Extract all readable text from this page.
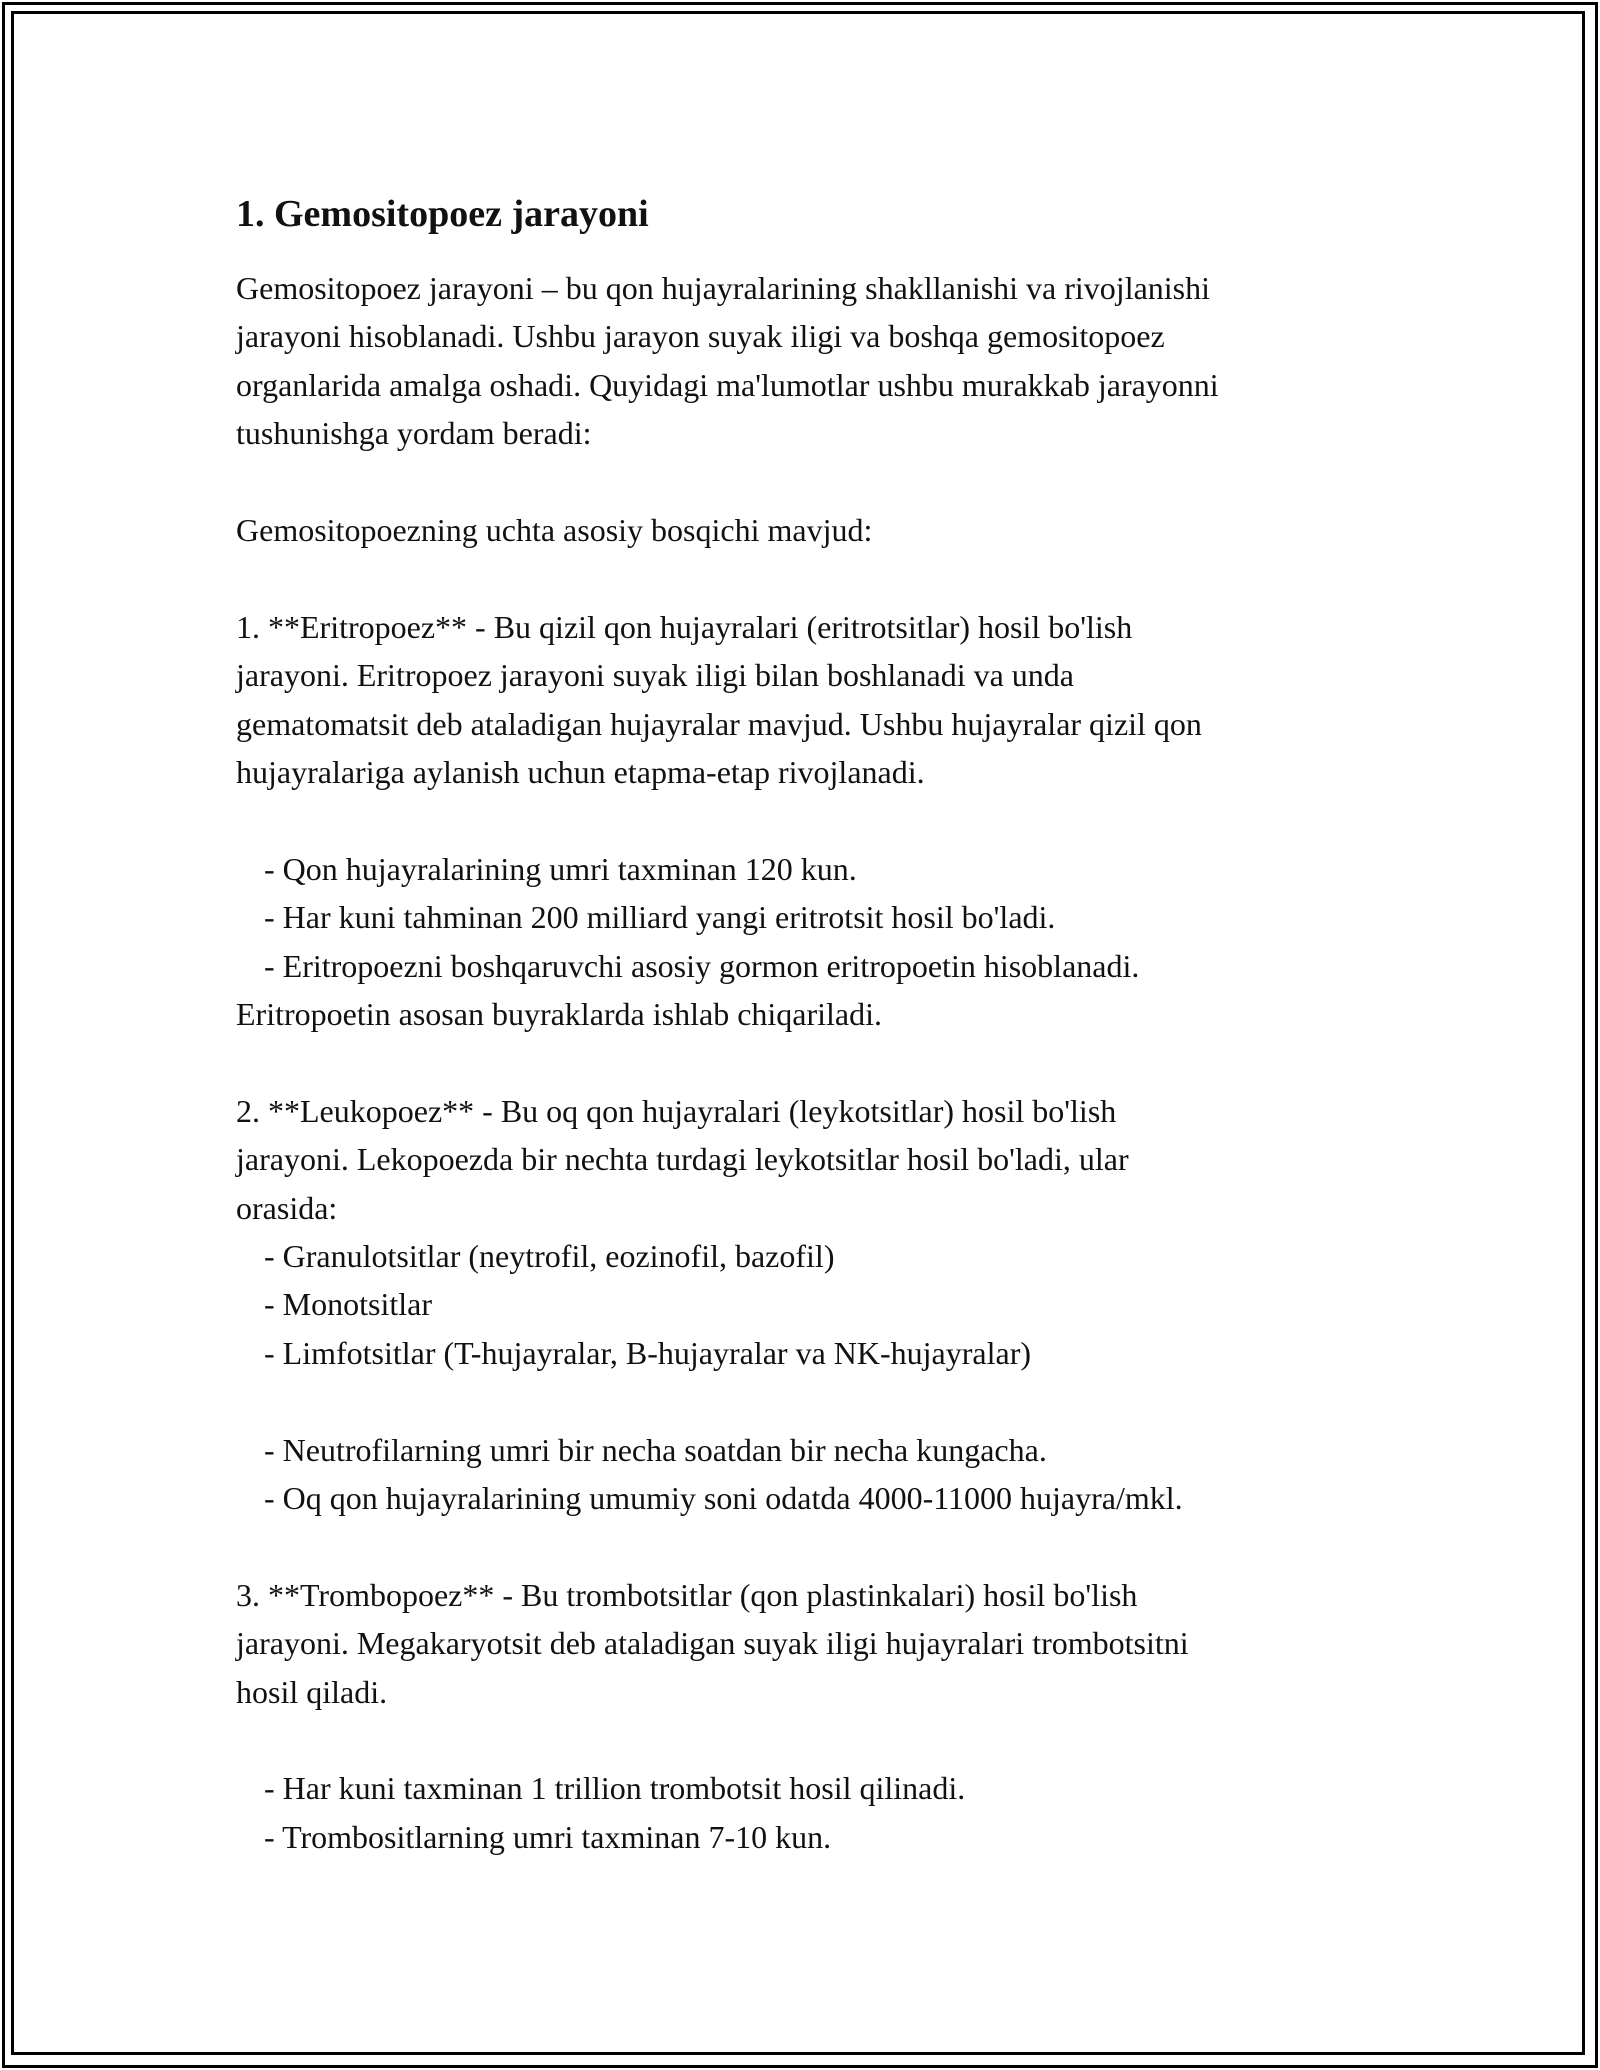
1. Gemositopoez jarayoni

Gemositopoez jarayoni – bu qon hujayralarining shakllanishi va rivojlanishi

jarayoni hisoblanadi. Ushbu jarayon suyak iligi va boshqa gemositopoez

organlarida amalga oshadi. Quyidagi ma'lumotlar ushbu murakkab jarayonni

tushunishga yordam beradi:

Gemositopoezning uchta asosiy bosqichi mavjud:

1. **Eritropoez** - Bu qizil qon hujayralari (eritrotsitlar) hosil bo'lish

jarayoni. Eritropoez jarayoni suyak iligi bilan boshlanadi va unda

gematomatsit deb ataladigan hujayralar mavjud. Ushbu hujayralar qizil qon

hujayralariga aylanish uchun etapma-etap rivojlanadi.

- Qon hujayralarining umri taxminan 120 kun.

- Har kuni tahminan 200 milliard yangi eritrotsit hosil bo'ladi.

- Eritropoezni boshqaruvchi asosiy gormon eritropoetin hisoblanadi.

Eritropoetin asosan buyraklarda ishlab chiqariladi.

2. **Leukopoez** - Bu oq qon hujayralari (leykotsitlar) hosil bo'lish

jarayoni. Lekopoezda bir nechta turdagi leykotsitlar hosil bo'ladi, ular

orasida:

- Granulotsitlar (neytrofil, eozinofil, bazofil)

- Monotsitlar

- Limfotsitlar (T-hujayralar, B-hujayralar va NK-hujayralar)

- Neutrofilarning umri bir necha soatdan bir necha kungacha.

- Oq qon hujayralarining umumiy soni odatda 4000-11000 hujayra/mkl.

3. **Trombopoez** - Bu trombotsitlar (qon plastinkalari) hosil bo'lish

jarayoni. Megakaryotsit deb ataladigan suyak iligi hujayralari trombotsitni

hosil qiladi.

- Har kuni taxminan 1 trillion trombotsit hosil qilinadi.

- Trombositlarning umri taxminan 7-10 kun.
